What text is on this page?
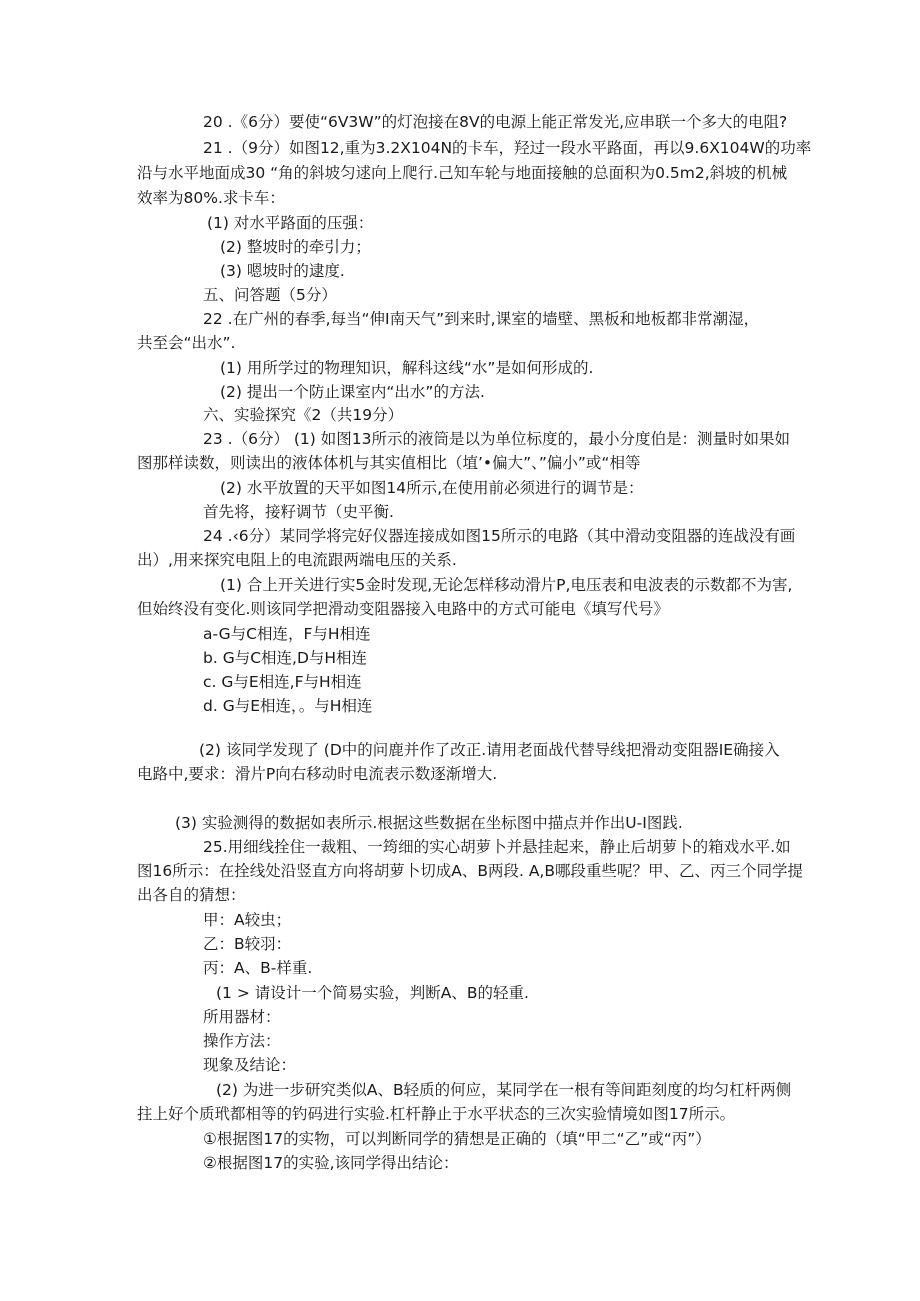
20 .《6分）要使“6V3W”的灯泡接在8V的电源上能正常发光,应串联一个多大的电阻?
21 .（9分）如图12,重为3.2X104N的卡车，羟过一段水平路面，再以9.6X104W的功率
沿与水平地面成30 “角的斜坡匀逑向上爬行.己知车轮与地面接触的总面积为0.5m2,斜坡的机械
效率为80%.求卡车：
(1) 对水平路面的压强：
(2) 整坡时的牵引力；
(3) 嗯坡时的逮度.
五、问答题（5分）
22 .在广州的春季,每当“伸I南天气”到来时,课室的墙壁、黑板和地板都非常潮湿，
共至会“出水”.
(1) 用所学过的物理知识，解科这线“水”是如何形成的.
(2) 提出一个防止课室内“出水”的方法.
六、实验探究《2（共19分）
23 .（6分） (1) 如图13所示的液筒是以为单位标度的，最小分度伯是：测量时如果如
图那样读数，则读出的液体体机与其实值相比（埴’•偏大”、”偏小”或“相等
(2) 水平放置的天平如图14所示,在使用前必须进行的调节是：
首先将，接籽调节（史平衡.
24 .‹6分）某同学将完好仪器连接成如图15所示的电路（其中滑动变阻器的连战没有画
出）,用来探究电阻上的电流跟两端电压的关系.
(1) 合上开关进行实5金时发现,无论怎样移动滑片P,电压表和电波表的示数都不为害,
但始终没有变化.则该同学把滑动变阻器接入电路中的方式可能电《填写代号》
a-G与C相连，F与H相连
b. G与C相连,D与H相连
c. G与E相连,F与H相连
d. G与E相连，。与H相连
(2) 该同学发现了 (D中的问鹿并作了改正.请用老面战代替导线把滑动变阻器IE确接入
电路中,要求：滑片P向右移动时电流表示数逐渐增大.
(3) 实验测得的数据如表所示.根据这些数据在坐标图中描点并作出U-I图践.
25.用细线拴住一裁粗、一筠细的实心胡萝卜并悬挂起来，静止后胡萝卜的箱戏水平.如
图16所示：在拴线处沿竖直方向将胡萝卜切成A、B两段. A,B哪段重些呢？甲、乙、丙三个同学提
出各自的猜想：
甲：A较虫；
乙：B较羽：
丙：A、B-样重.
(1 > 请设计一个简易实验，判断A、B的轻重.
所用器材：
操作方法：
现象及结论：
(2) 为进一步研究类似A、B轻质的何应，某同学在一根有等间距刻度的均匀杠杆两侧
拄上好个质玳都相等的钓码进行实验.杠杆静止于水平状态的三次实验情境如图17所示。
①根据图17的实物，可以判断同学的猜想是正确的（填“甲二“乙”或“丙”）
②根据图17的实验,该同学得出结论：
